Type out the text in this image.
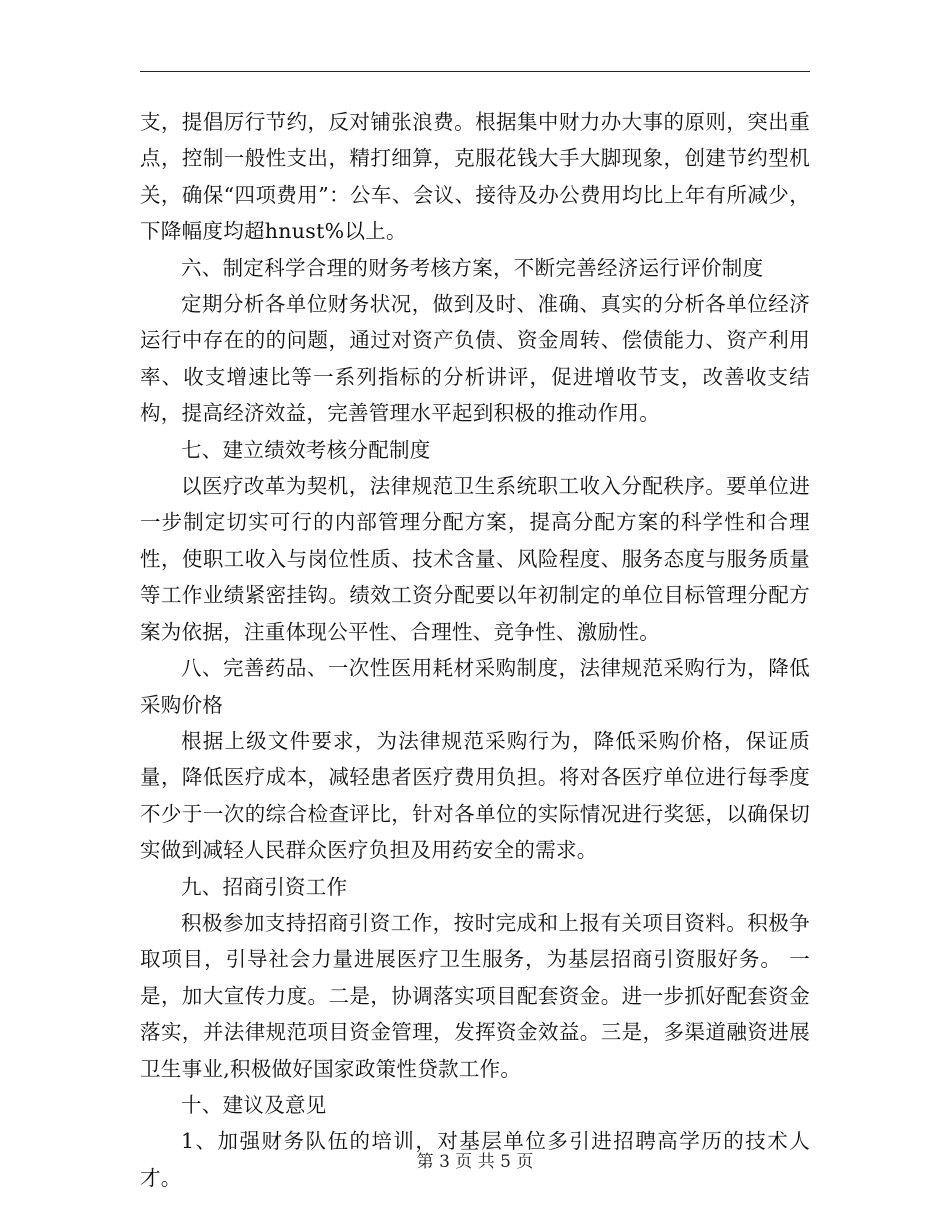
支，提倡厉行节约，反对铺张浪费。根据集中财力办大事的原则，突出重点，控制一般性支出，精打细算，克服花钱大手大脚现象，创建节约型机关，确保“四项费用”：公车、会议、接待及办公费用均比上年有所减少，下降幅度均超hnust%以上。

六、制定科学合理的财务考核方案，不断完善经济运行评价制度

定期分析各单位财务状况，做到及时、准确、真实的分析各单位经济运行中存在的的问题，通过对资产负债、资金周转、偿债能力、资产利用率、收支增速比等一系列指标的分析讲评，促进增收节支，改善收支结构，提高经济效益，完善管理水平起到积极的推动作用。

七、建立绩效考核分配制度

以医疗改革为契机，法律规范卫生系统职工收入分配秩序。要单位进一步制定切实可行的内部管理分配方案，提高分配方案的科学性和合理性，使职工收入与岗位性质、技术含量、风险程度、服务态度与服务质量等工作业绩紧密挂钩。绩效工资分配要以年初制定的单位目标管理分配方案为依据，注重体现公平性、合理性、竞争性、激励性。

八、完善药品、一次性医用耗材采购制度，法律规范采购行为，降低采购价格

根据上级文件要求，为法律规范采购行为，降低采购价格，保证质量，降低医疗成本，减轻患者医疗费用负担。将对各医疗单位进行每季度不少于一次的综合检查评比，针对各单位的实际情况进行奖惩，以确保切实做到减轻人民群众医疗负担及用药安全的需求。

九、招商引资工作

积极参加支持招商引资工作，按时完成和上报有关项目资料。积极争取项目，引导社会力量进展医疗卫生服务，为基层招商引资服好务。 一是，加大宣传力度。二是，协调落实项目配套资金。进一步抓好配套资金落实，并法律规范项目资金管理，发挥资金效益。三是，多渠道融资进展卫生事业,积极做好国家政策性贷款工作。

十、建议及意见

1、加强财务队伍的培训，对基层单位多引进招聘高学历的技术人才。

第 3 页 共 5 页
